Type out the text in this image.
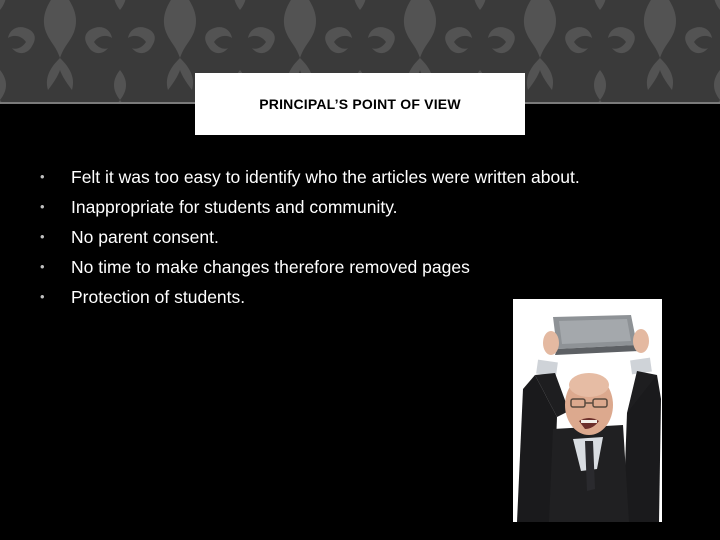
PRINCIPAL’S POINT OF VIEW
• Felt it was too easy to identify who the articles were written about.
• Inappropriate for students and community.
• No parent consent.
• No time to make changes therefore removed pages
• Protection of students.
